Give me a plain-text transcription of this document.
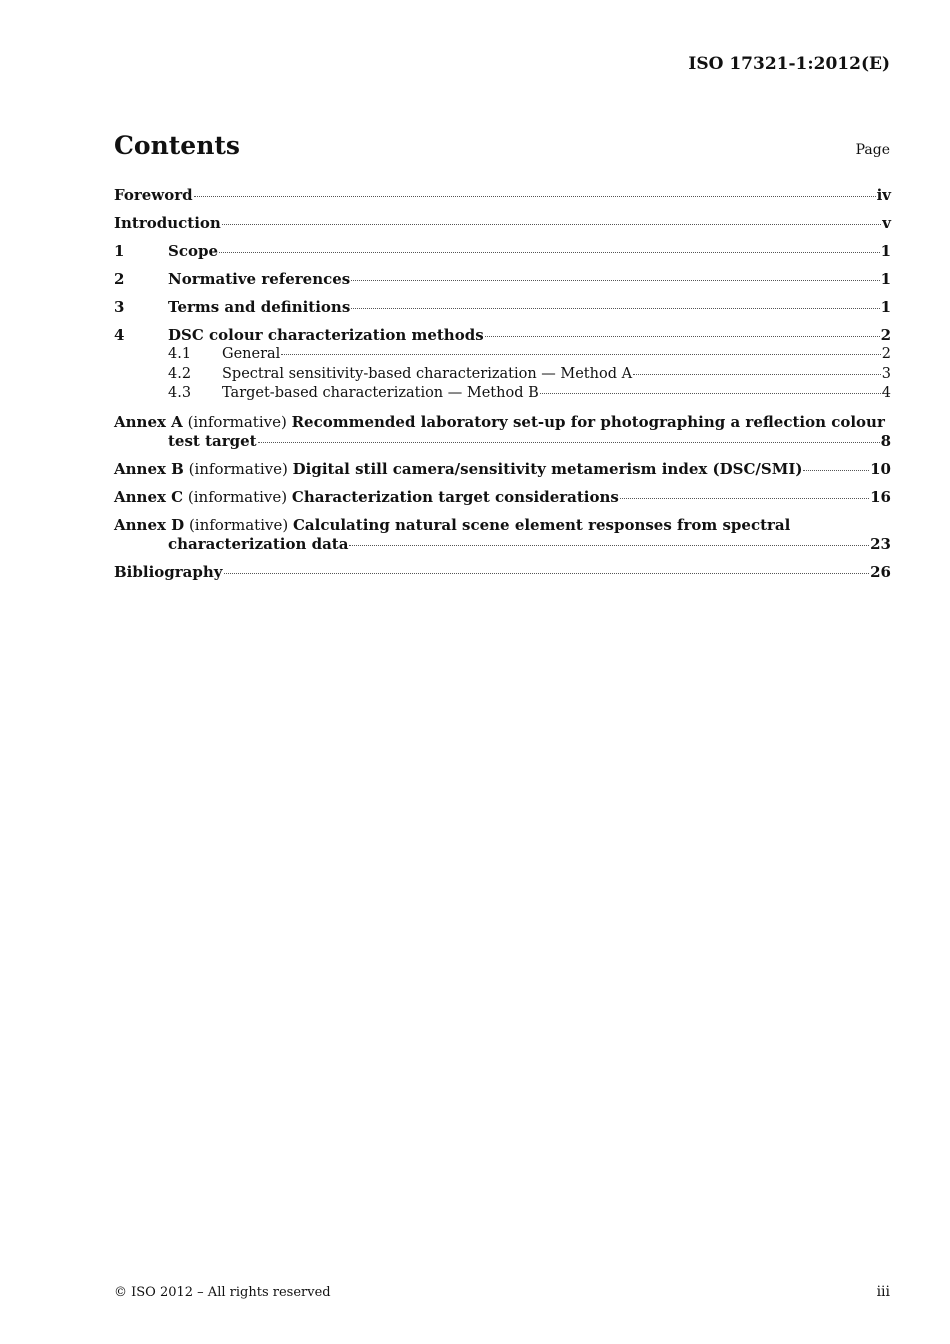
ISO 17321-1:2012(E)
Contents	Page
Foreword	iv
Introduction	v
1	Scope	1
2	Normative references	1
3	Terms and definitions	1
4	DSC colour characterization methods	2
4.1	General	2
4.2	Spectral sensitivity-based characterization — Method A	3
4.3	Target-based characterization — Method B	4
Annex A (informative) Recommended laboratory set-up for photographing a reflection colour
test target	8
Annex B (informative) Digital still camera/sensitivity metamerism index (DSC/SMI)	10
Annex C (informative) Characterization target considerations	16
Annex D (informative) Calculating natural scene element responses from spectral
characterization data	23
Bibliography	26
© ISO 2012 – All rights reserved	iii
